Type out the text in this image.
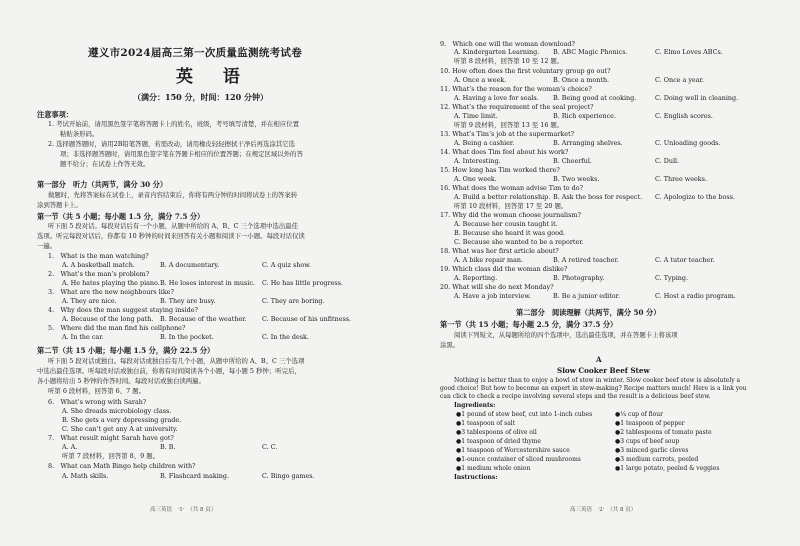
遵义市2024届高三第一次质量监测统考试卷
英 语
（满分：150 分，时间：120 分钟）
注意事项：
1. 考试开始前，请用黑色签字笔将答题卡上的姓名，班级，考号填写清楚，并在相应位置
粘贴条形码。
2. 选择题答题时，请用2B铅笔答题，若需改动，请用橡皮轻轻擦拭干净后再选涂其它选
项；非选择题答题时，请用黑色签字笔在答题卡相应的位置答题；在规定区域以外的答
题不给分；在试卷上作答无效。
第一部分　听力（共两节，满分 30 分）
做题时，先将答案标在试卷上，录音内容结束后，你将有两分钟的时间将试卷上的答案转
涂到答题卡上。
第一节（共 5 小题；每小题 1.5 分，满分 7.5 分）
听下面 5 段对话。每段对话后有一个小题，从题中所给的 A、B、C 三个选项中选出最佳
选项。听完每段对话后，你都有 10 秒钟的时间来回答有关小题和阅读下一小题。每段对话仅读
一遍。
1.　What is the man watching?
A. A basketball match.	B. A documentary.	C. A quiz show.
2.　What’s the man’s problem?
A. He hates playing the piano. B. He loses interest in music. C. He has little progress.
3.　What are the new neighbours like?
A. They are nice.	B. They are busy.	C. They are boring.
4.　Why does the man suggest staying inside?
A. Because of the long path. B. Because of the weather. C. Because of his unfitness.
5.　Where did the man find his cellphone?
A. In the car.	B. In the pocket.	C. In the desk.
第二节（共 15 小题；每小题 1.5 分，满分 22.5 分）
听下面 5 段对话或独白。每段对话或独白后有几个小题，从题中所给的 A、B、C 三个选项
中选出最佳选项。听每段对话或独白前，你将有时间阅读各个小题，每小题 5 秒钟；听完后，
各小题将给出 5 秒钟的作答时间。每段对话或独白读两遍。
听第 6 段材料，回答第 6、7 题。
6.　What’s wrong with Sarah?
A. She dreads microbiology class.
B. She gets a very depressing grade.
C. She can’t get any A at university.
7.　What result might Sarah have got?
A. A.	B. B.	C. C.
听第 7 段材料，回答第 8、9 题。
8.　What can Math Bingo help children with?
A. Math skills.	B. Flashcard making.	C. Bingo games.
高三英语　·1·　（共 8 页）
9.　Which one will the woman download?
A. Kindergarten Learning. B. ABC Magic Phonics.	C. Elmo Loves ABCs.
听第 8 段材料，回答第 10 至 12 题。
10. How often does the first voluntary group go out?
A. Once a week.	B. Once a month.	C. Once a year.
11. What’s the reason for the woman’s choice?
A. Having a love for seals. B. Being good at cooking.	C. Doing well in cleaning.
12. What’s the requirement of the seal project?
A. Time limit.	B. Rich experience.	C. English scores.
听第 9 段材料，回答第 13 至 16 题。
13. What’s Tim’s job at the supermarket?
A. Being a cashier.	B. Arranging shelves.	C. Unloading goods.
14. What does Tim feel about his work?
A. Interesting.	B. Cheerful.	C. Dull.
15. How long has Tim worked there?
A. One week.	B. Two weeks.	C. Three weeks.
16. What does the woman advise Tim to do?
A. Build a better relationship. B. Ask the boss for respect. C. Apologize to the boss.
听第 10 段材料，回答第 17 至 20 题。
17. Why did the woman choose journalism?
A. Because her cousin taught it.
B. Because she heard it was good.
C. Because she wanted to be a reporter.
18. What was her first article about?
A. A bike repair man.	B. A retired teacher.	C. A tutor teacher.
19. Which class did the woman dislike?
A. Reporting.	B. Photography.	C. Typing.
20. What will she do next Monday?
A. Have a job interview.	B. Be a junior editor.	C. Host a radio program.
第二部分　阅读理解（共两节，满分 50 分）
第一节（共 15 小题；每小题 2.5 分，满分 37.5 分）
阅读下列短文，从每题所给的四个选项中，选出最佳选项，并在答题卡上将该项
涂黑。
A
Slow Cooker Beef Stew
Nothing is better than to enjoy a bowl of stew in winter. Slow cooker beef stew is absolutely a
good choice! But how to become an expert in stew-making? Recipe matters much! Here is a link you
can click to check a recipe involving several steps and the result is a delicious beef stew.
Ingredients:
●1 pound of stew beef, cut into 1-inch cubes
●1 teaspoon of salt
●3 tablespoons of olive oil
●1 teaspoon of dried thyme
●1 teaspoon of Worcestershire sauce
●1-ounce container of sliced mushrooms
●1 medium whole onion
●¼ cup of flour
●1 teaspoon of pepper
●2 tablespoons of tomato paste
●3 cups of beef soup
●3 minced garlic cloves
●3 medium carrots, peeled
●1 large potato, peeled & veggies
Instructions:
高三英语　·2·　（共 8 页）
